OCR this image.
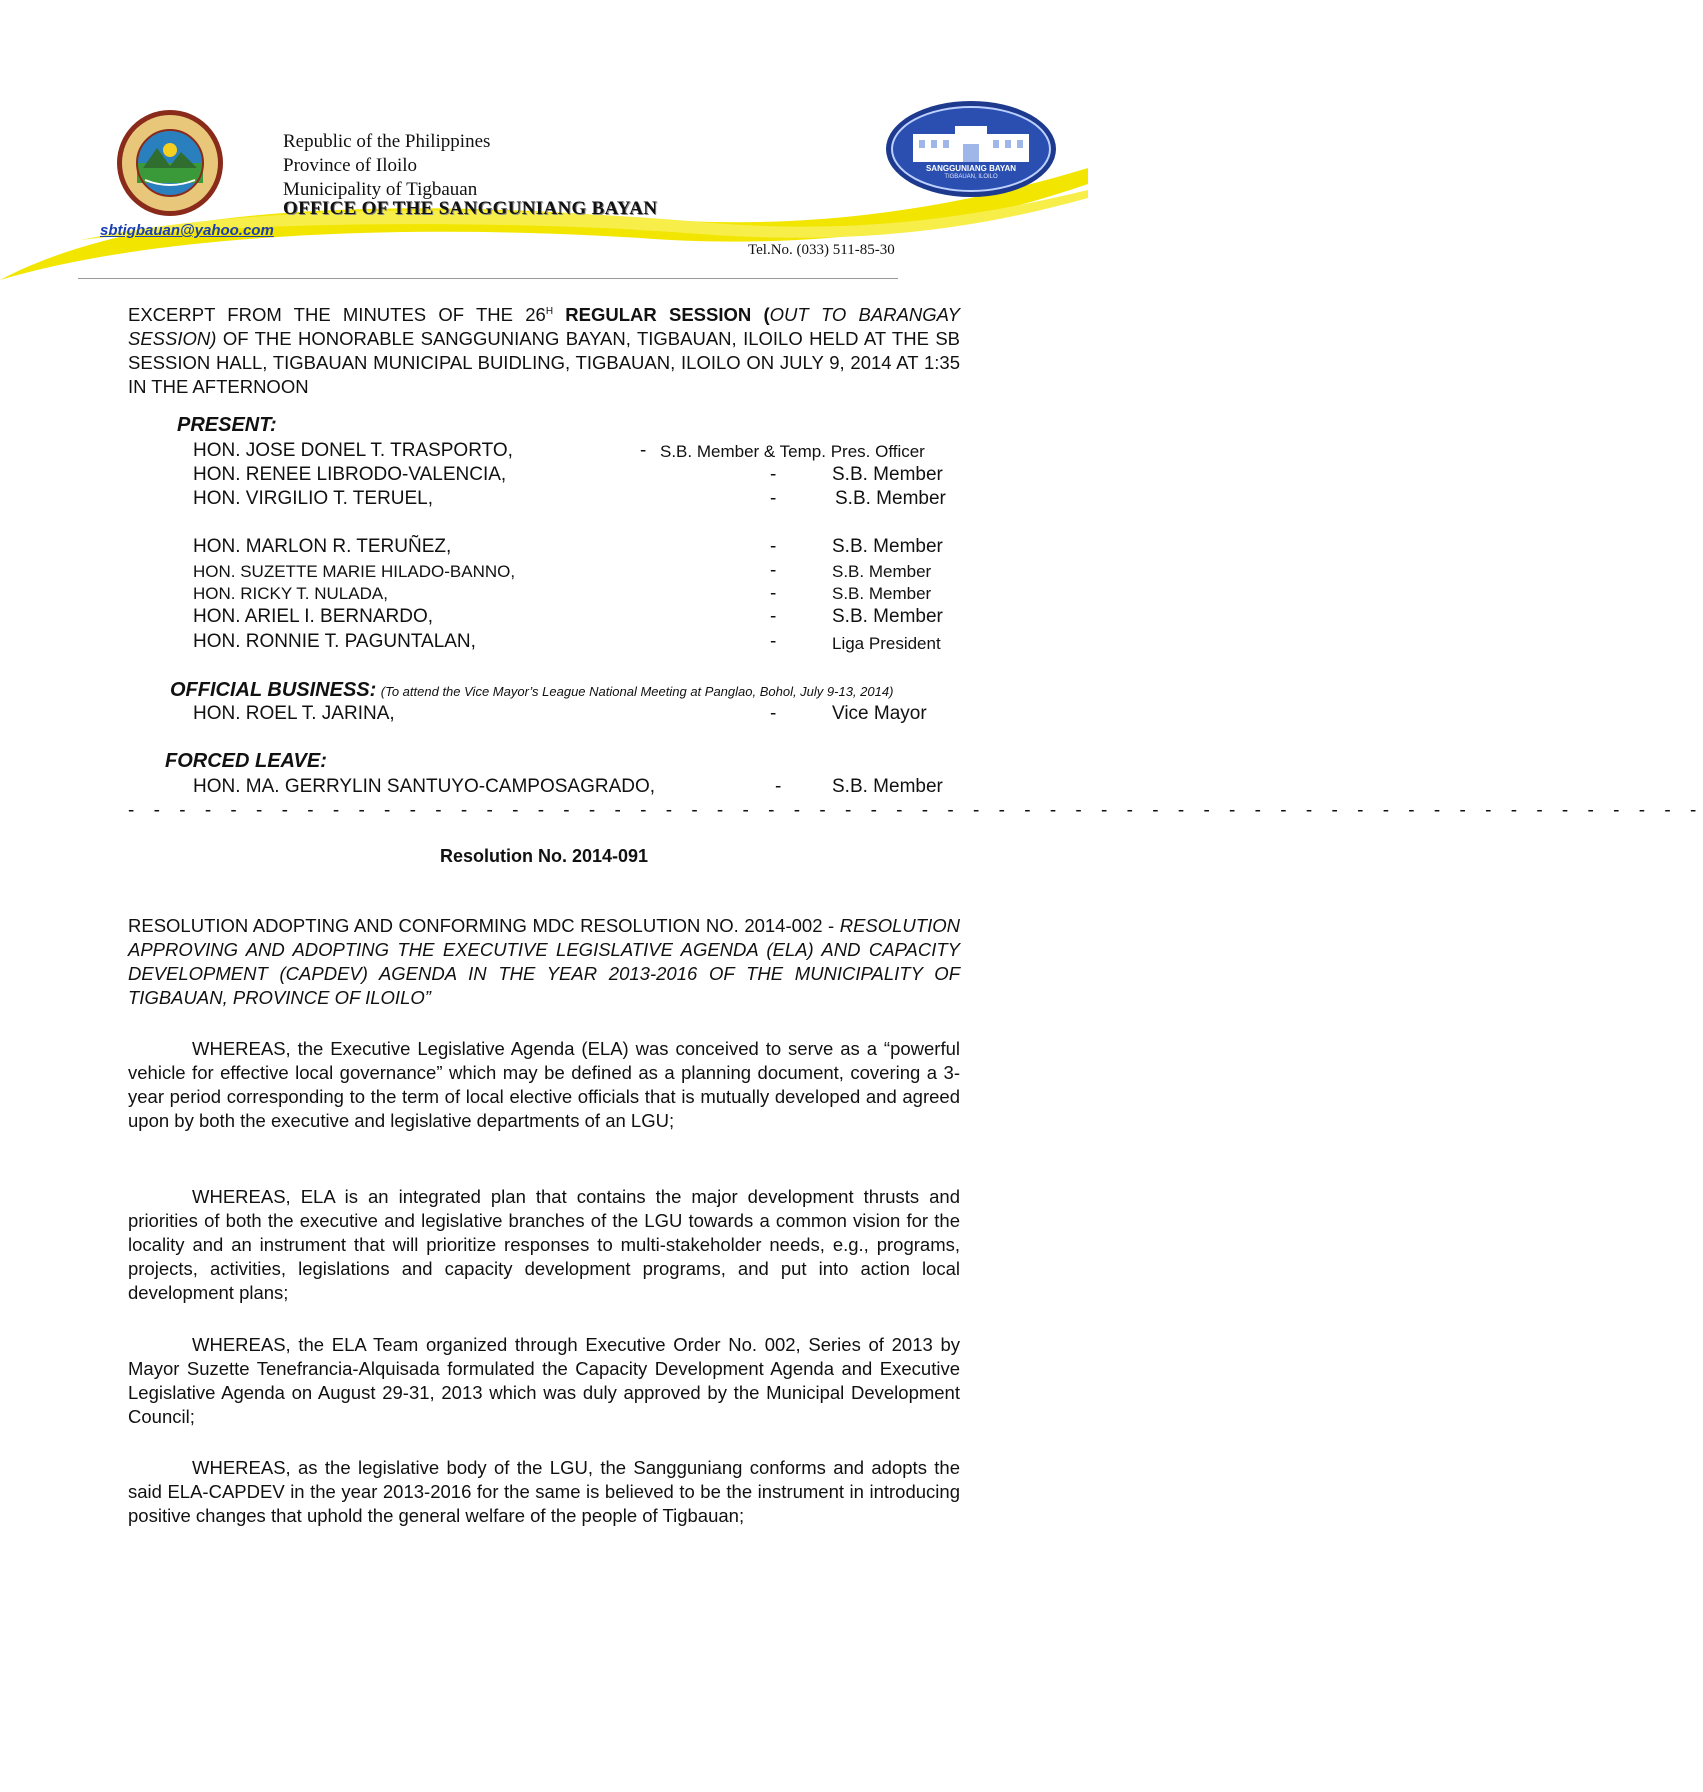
SANGGUNIANG BAYAN
TIGBAUAN, ILOILO
Republic of the Philippines
Province of Iloilo
Municipality of Tigbauan
OFFICE OF THE SANGGUNIANG BAYAN
sbtigbauan@yahoo.com
Tel.No. (033) 511-85-30
EXCERPT FROM THE MINUTES OF THE $26^H$ REGULAR SESSION (OUT TO BARANGAY SESSION) OF THE HONORABLE SANGGUNIANG BAYAN, TIGBAUAN, ILOILO HELD AT THE SB SESSION HALL, TIGBAUAN MUNICIPAL BUIDLING, TIGBAUAN, ILOILO ON JULY 9, 2014 AT 1:35 IN THE AFTERNOON
PRESENT:
HON. JOSE DONEL T. TRASPORTO,	- S.B. Member & Temp. Pres. Officer
HON. RENEE LIBRODO-VALENCIA,	-	S.B. Member
HON. VIRGILIO T. TERUEL,	-	S.B. Member
HON. MARLON R. TERUÑEZ,	-	S.B. Member
HON. SUZETTE MARIE HILADO-BANNO,	-	S.B. Member
HON. RICKY T. NULADA,	-	S.B. Member
HON. ARIEL I. BERNARDO,	-	S.B. Member
HON. RONNIE T. PAGUNTALAN,	-	Liga President
OFFICIAL BUSINESS: (To attend the Vice Mayor’s League National Meeting at Panglao, Bohol, July 9-13, 2014)
HON. ROEL T. JARINA,	-	Vice Mayor
FORCED LEAVE:
HON. MA. GERRYLIN SANTUYO-CAMPOSAGRADO,	-	S.B. Member
- - - - - - - - - - - - - - - - - - - - - - - - - - - - - - - - - - - - - - - - - - - - - - - - - - - - - - - - - - - - - -
Resolution No. 2014-091
RESOLUTION ADOPTING AND CONFORMING MDC RESOLUTION NO. 2014-002 - RESOLUTION APPROVING AND ADOPTING THE EXECUTIVE LEGISLATIVE AGENDA (ELA) AND CAPACITY DEVELOPMENT (CAPDEV) AGENDA IN THE YEAR 2013-2016 OF THE MUNICIPALITY OF TIGBAUAN, PROVINCE OF ILOILO”
WHEREAS, the Executive Legislative Agenda (ELA) was conceived to serve as a “powerful vehicle for effective local governance” which may be defined as a planning document, covering a 3-year period corresponding to the term of local elective officials that is mutually developed and agreed upon by both the executive and legislative departments of an LGU;
WHEREAS, ELA is an integrated plan that contains the major development thrusts and priorities of both the executive and legislative branches of the LGU towards a common vision for the locality and an instrument that will prioritize responses to multi-stakeholder needs, e.g., programs, projects, activities, legislations and capacity development programs, and put into action local development plans;
WHEREAS, the ELA Team organized through Executive Order No. 002, Series of 2013 by Mayor Suzette Tenefrancia-Alquisada formulated the Capacity Development Agenda and Executive Legislative Agenda on August 29-31, 2013 which was duly approved by the Municipal Development Council;
WHEREAS, as the legislative body of the LGU, the Sangguniang conforms and adopts the said ELA-CAPDEV in the year 2013-2016 for the same is believed to be the instrument in introducing positive changes that uphold the general welfare of the people of Tigbauan;
